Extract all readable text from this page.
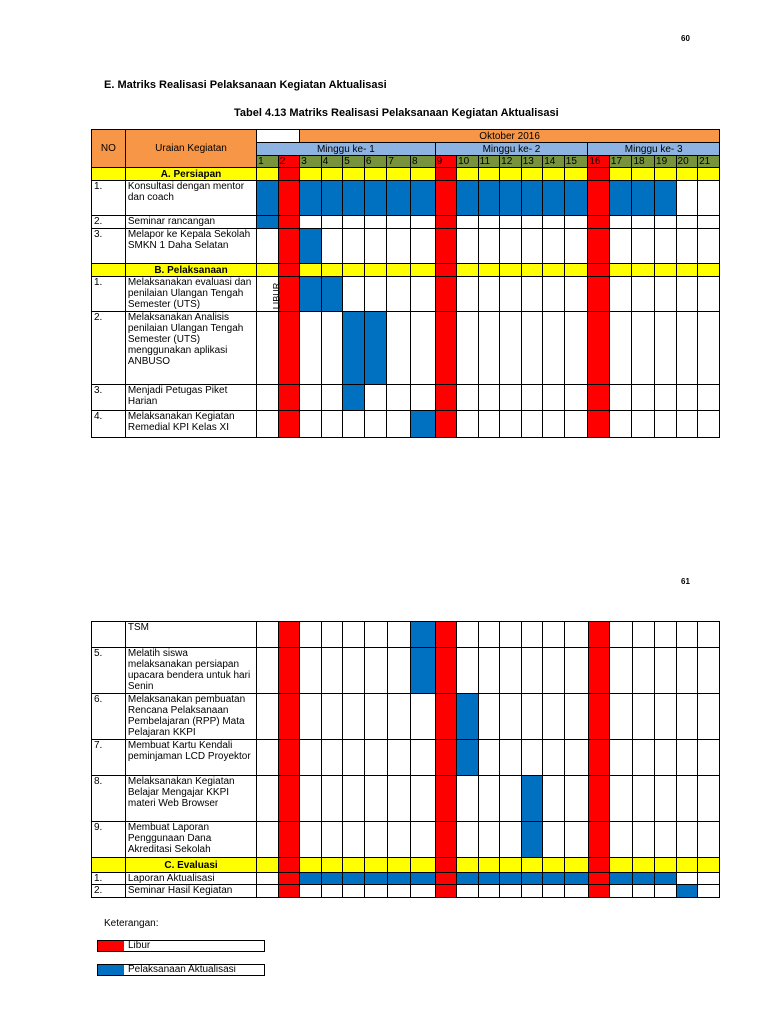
60
E. Matriks Realisasi Pelaksanaan Kegiatan Aktualisasi
Tabel 4.13 Matriks Realisasi Pelaksanaan Kegiatan Aktualisasi
NO	Uraian Kegiatan			Oktober 2016																		
		Minggu ke- 1								Minggu ke- 2							Minggu ke- 3					
		1	2	3	4	5	6	7	8	9	10	11	12	13	14	15	16	17	18	19	20	21
	A. Persiapan																					
1.	Konsultasi dengan mentor dan coach																					
2.	Seminar rancangan																					
3.	Melapor ke Kepala Sekolah SMKN 1 Daha Selatan																					
	B. Pelaksanaan																					
1.	Melaksanakan evaluasi dan penilaian Ulangan Tengah Semester (UTS)																					
2.	Melaksanakan Analisis penilaian Ulangan Tengah Semester (UTS) menggunakan aplikasi ANBUSO																					
3.	Menjadi Petugas Piket Harian																					
4.	Melaksanakan Kegiatan Remedial KPI Kelas XI																					
LIBUR
61
	TSM																					
5.	Melatih siswa melaksanakan persiapan upacara bendera untuk hari Senin																					
6.	Melaksanakan pembuatan Rencana Pelaksanaan Pembelajaran (RPP) Mata Pelajaran KKPI																					
7.	Membuat Kartu Kendali peminjaman LCD Proyektor																					
8.	Melaksanakan Kegiatan Belajar Mengajar KKPI materi Web Browser																					
9.	Membuat Laporan Penggunaan Dana Akreditasi Sekolah																					
	C. Evaluasi																					
1.	Laporan Aktualisasi																					
2.	Seminar Hasil Kegiatan																					
Keterangan:
Libur
Pelaksanaan Aktualisasi
